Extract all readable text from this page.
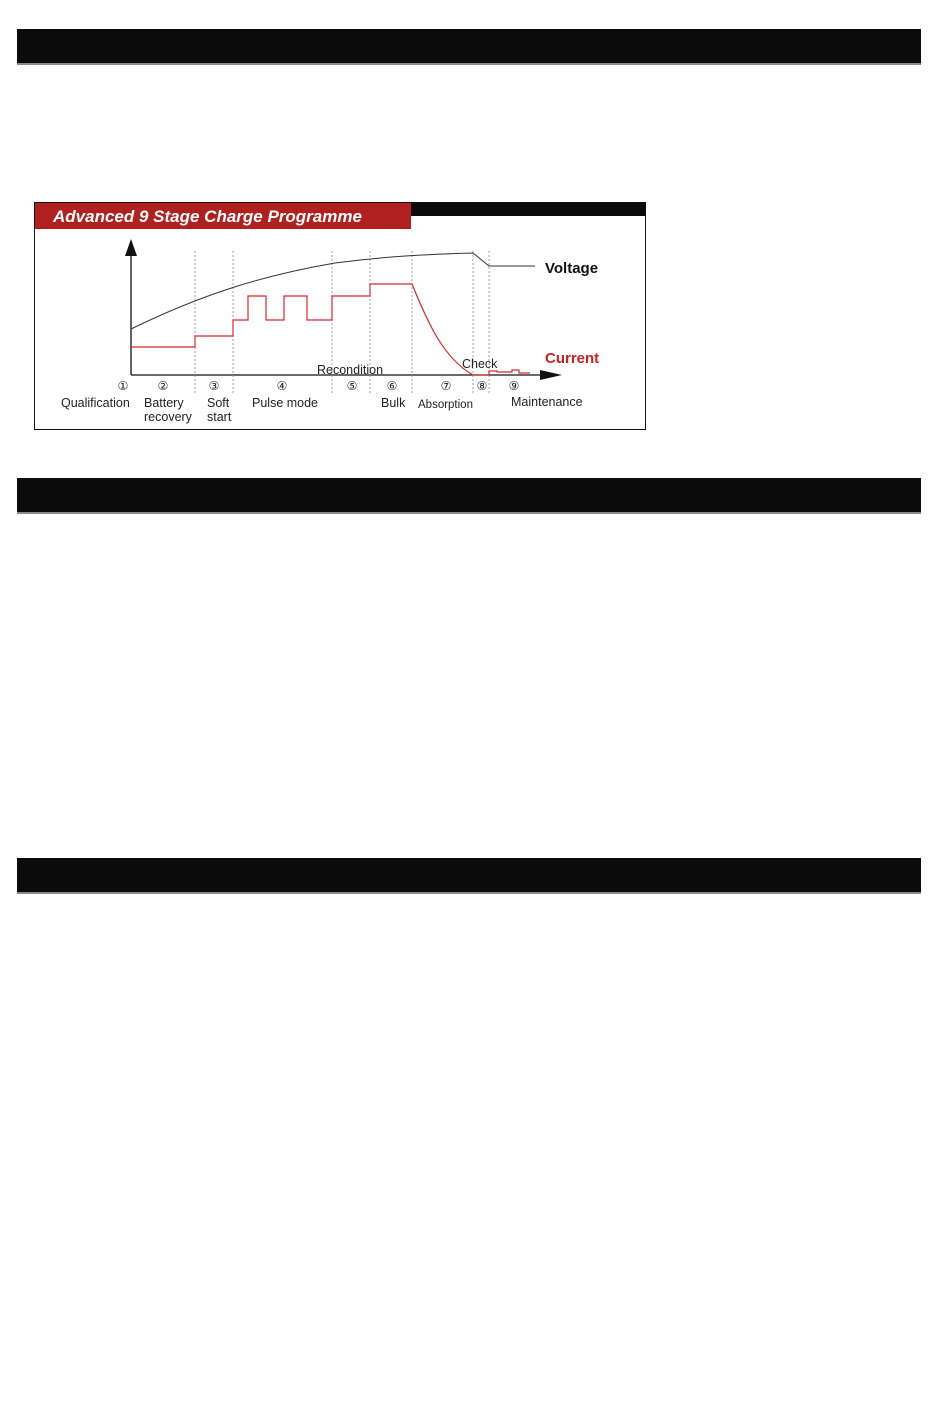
Advanced 9 Stage Charge Programme
Voltage
Current
① ②	③	④	⑤ ⑥	⑦ ⑧ ⑨
Qualification Battery
recovery
Soft
start
Pulse mode
Recondition
Bulk Absorption
Check
Maintenance
